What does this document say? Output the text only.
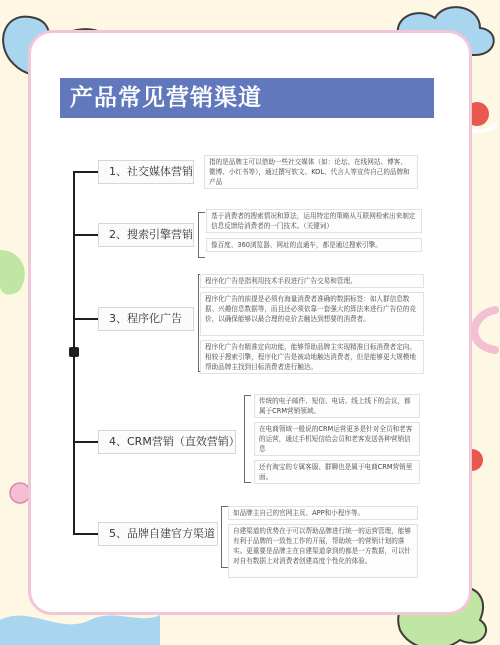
产品常见营销渠道
1、社交媒体营销
2、搜索引擎营销
3、程序化广告
4、CRM营销（直效营销）
5、品牌自建官方渠道
指的是品牌主可以借助一些社交媒体（如：论坛、在线网站、博客、微博、小红书等），通过撰写软文、KOL、代言人等宣传自己的品牌和产品
基于消费者的搜索情况和算法，运用特定的策略从互联网检索出来制定信息反馈给消费者的一门技术。（关键词）
像百度、360浏览器、网址的直通车，都是通过搜索引擎。
程序化广告是指利用技术手段进行广告交易和管理。
程序化广告的前提是必须有海量消费者准确的数据标签：如人群信息数据、兴趣信息数据等，而且还必须依靠一套强大的算法来进行广告位的竞价，以确保能够以最合理的竞价去触达到想要的消费者。
程序化广告有精准定向功能，能够帮助品牌主实现精准目标消费者定向。相较于搜索引擎，程序化广告是被动地触达消费者，但是能够更大规模地帮助品牌主找到目标消费者进行触达。
传统的电子邮件、短信、电话、线上线下的会议，都属于CRM营销领域。
在电商领域一般说的CRM运营更多是针对全员和老客的运营，通过手机短信给会员和老客发送各种营销信息
还有淘宝的专属客服、群聊也是属于电商CRM营销里面。
如品牌主自己的官网主页、APP和小程序等。
自建渠道的优势在于可以帮助品牌进行统一的运营管理，能够有利于品牌的一致性工作的开展，帮助统一的营销计划的落实。更重要是品牌主在自建渠道拿到的都是一方数据，可以针对自有数据上对消费者创建高度个性化的体验。
